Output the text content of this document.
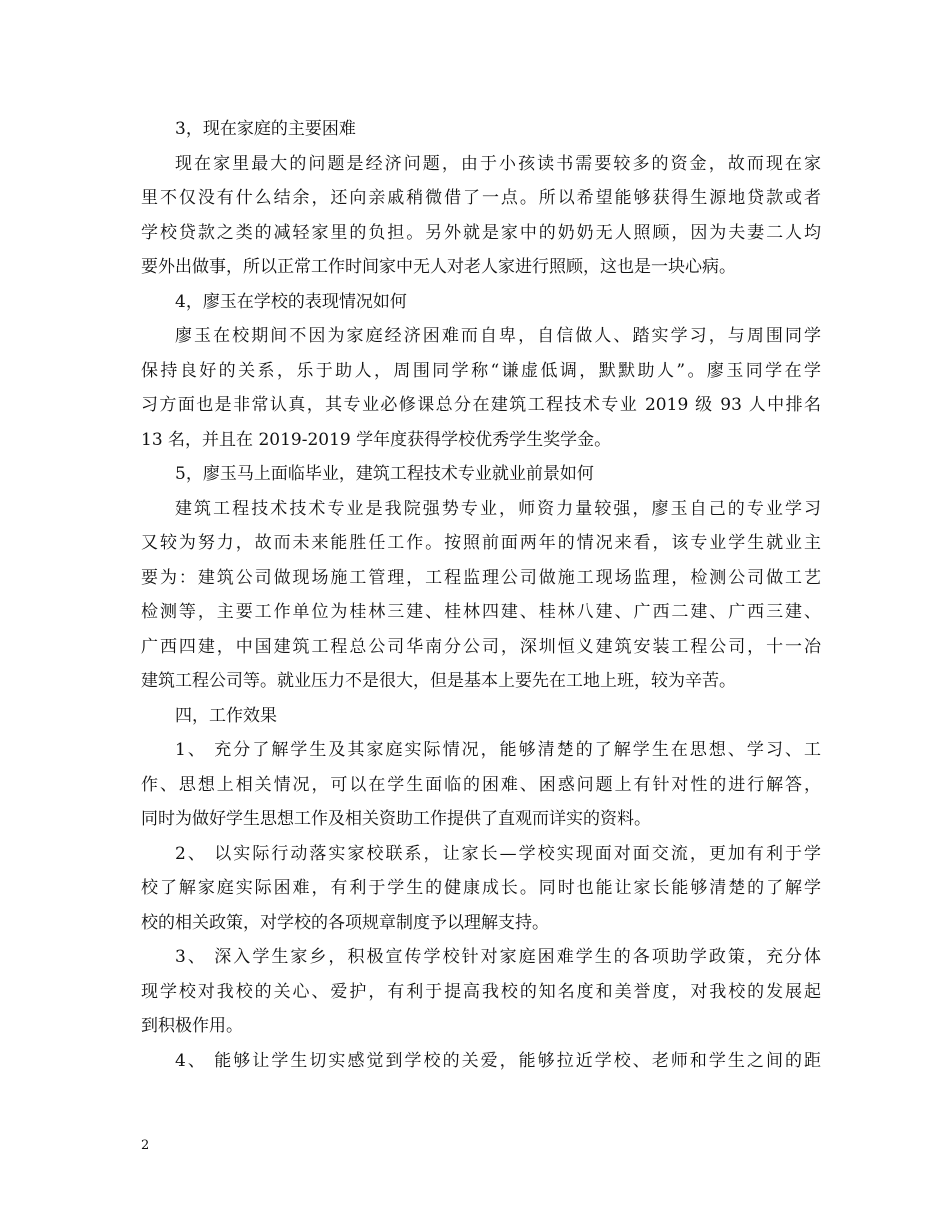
3，现在家庭的主要困难

现在家里最大的问题是经济问题，由于小孩读书需要较多的资金，故而现在家
里不仅没有什么结余，还向亲戚稍微借了一点。所以希望能够获得生源地贷款或者
学校贷款之类的减轻家里的负担。另外就是家中的奶奶无人照顾，因为夫妻二人均
要外出做事，所以正常工作时间家中无人对老人家进行照顾，这也是一块心病。

4，廖玉在学校的表现情况如何

廖玉在校期间不因为家庭经济困难而自卑，自信做人、踏实学习，与周围同学
保持良好的关系，乐于助人，周围同学称“谦虚低调，默默助人”。廖玉同学在学
习方面也是非常认真，其专业必修课总分在建筑工程技术专业 2019 级 93 人中排名
13 名，并且在 2019-2019 学年度获得学校优秀学生奖学金。

5，廖玉马上面临毕业，建筑工程技术专业就业前景如何

建筑工程技术技术专业是我院强势专业，师资力量较强，廖玉自己的专业学习
又较为努力，故而未来能胜任工作。按照前面两年的情况来看，该专业学生就业主
要为：建筑公司做现场施工管理，工程监理公司做施工现场监理，检测公司做工艺
检测等，主要工作单位为桂林三建、桂林四建、桂林八建、广西二建、广西三建、
广西四建，中国建筑工程总公司华南分公司，深圳恒义建筑安装工程公司，十一冶
建筑工程公司等。就业压力不是很大，但是基本上要先在工地上班，较为辛苦。

四，工作效果

1、 充分了解学生及其家庭实际情况，能够清楚的了解学生在思想、学习、工
作、思想上相关情况，可以在学生面临的困难、困惑问题上有针对性的进行解答，
同时为做好学生思想工作及相关资助工作提供了直观而详实的资料。

2、 以实际行动落实家校联系，让家长—学校实现面对面交流，更加有利于学
校了解家庭实际困难，有利于学生的健康成长。同时也能让家长能够清楚的了解学
校的相关政策，对学校的各项规章制度予以理解支持。

3、 深入学生家乡，积极宣传学校针对家庭困难学生的各项助学政策，充分体
现学校对我校的关心、爱护，有利于提高我校的知名度和美誉度，对我校的发展起
到积极作用。

4、 能够让学生切实感觉到学校的关爱，能够拉近学校、老师和学生之间的距

2
